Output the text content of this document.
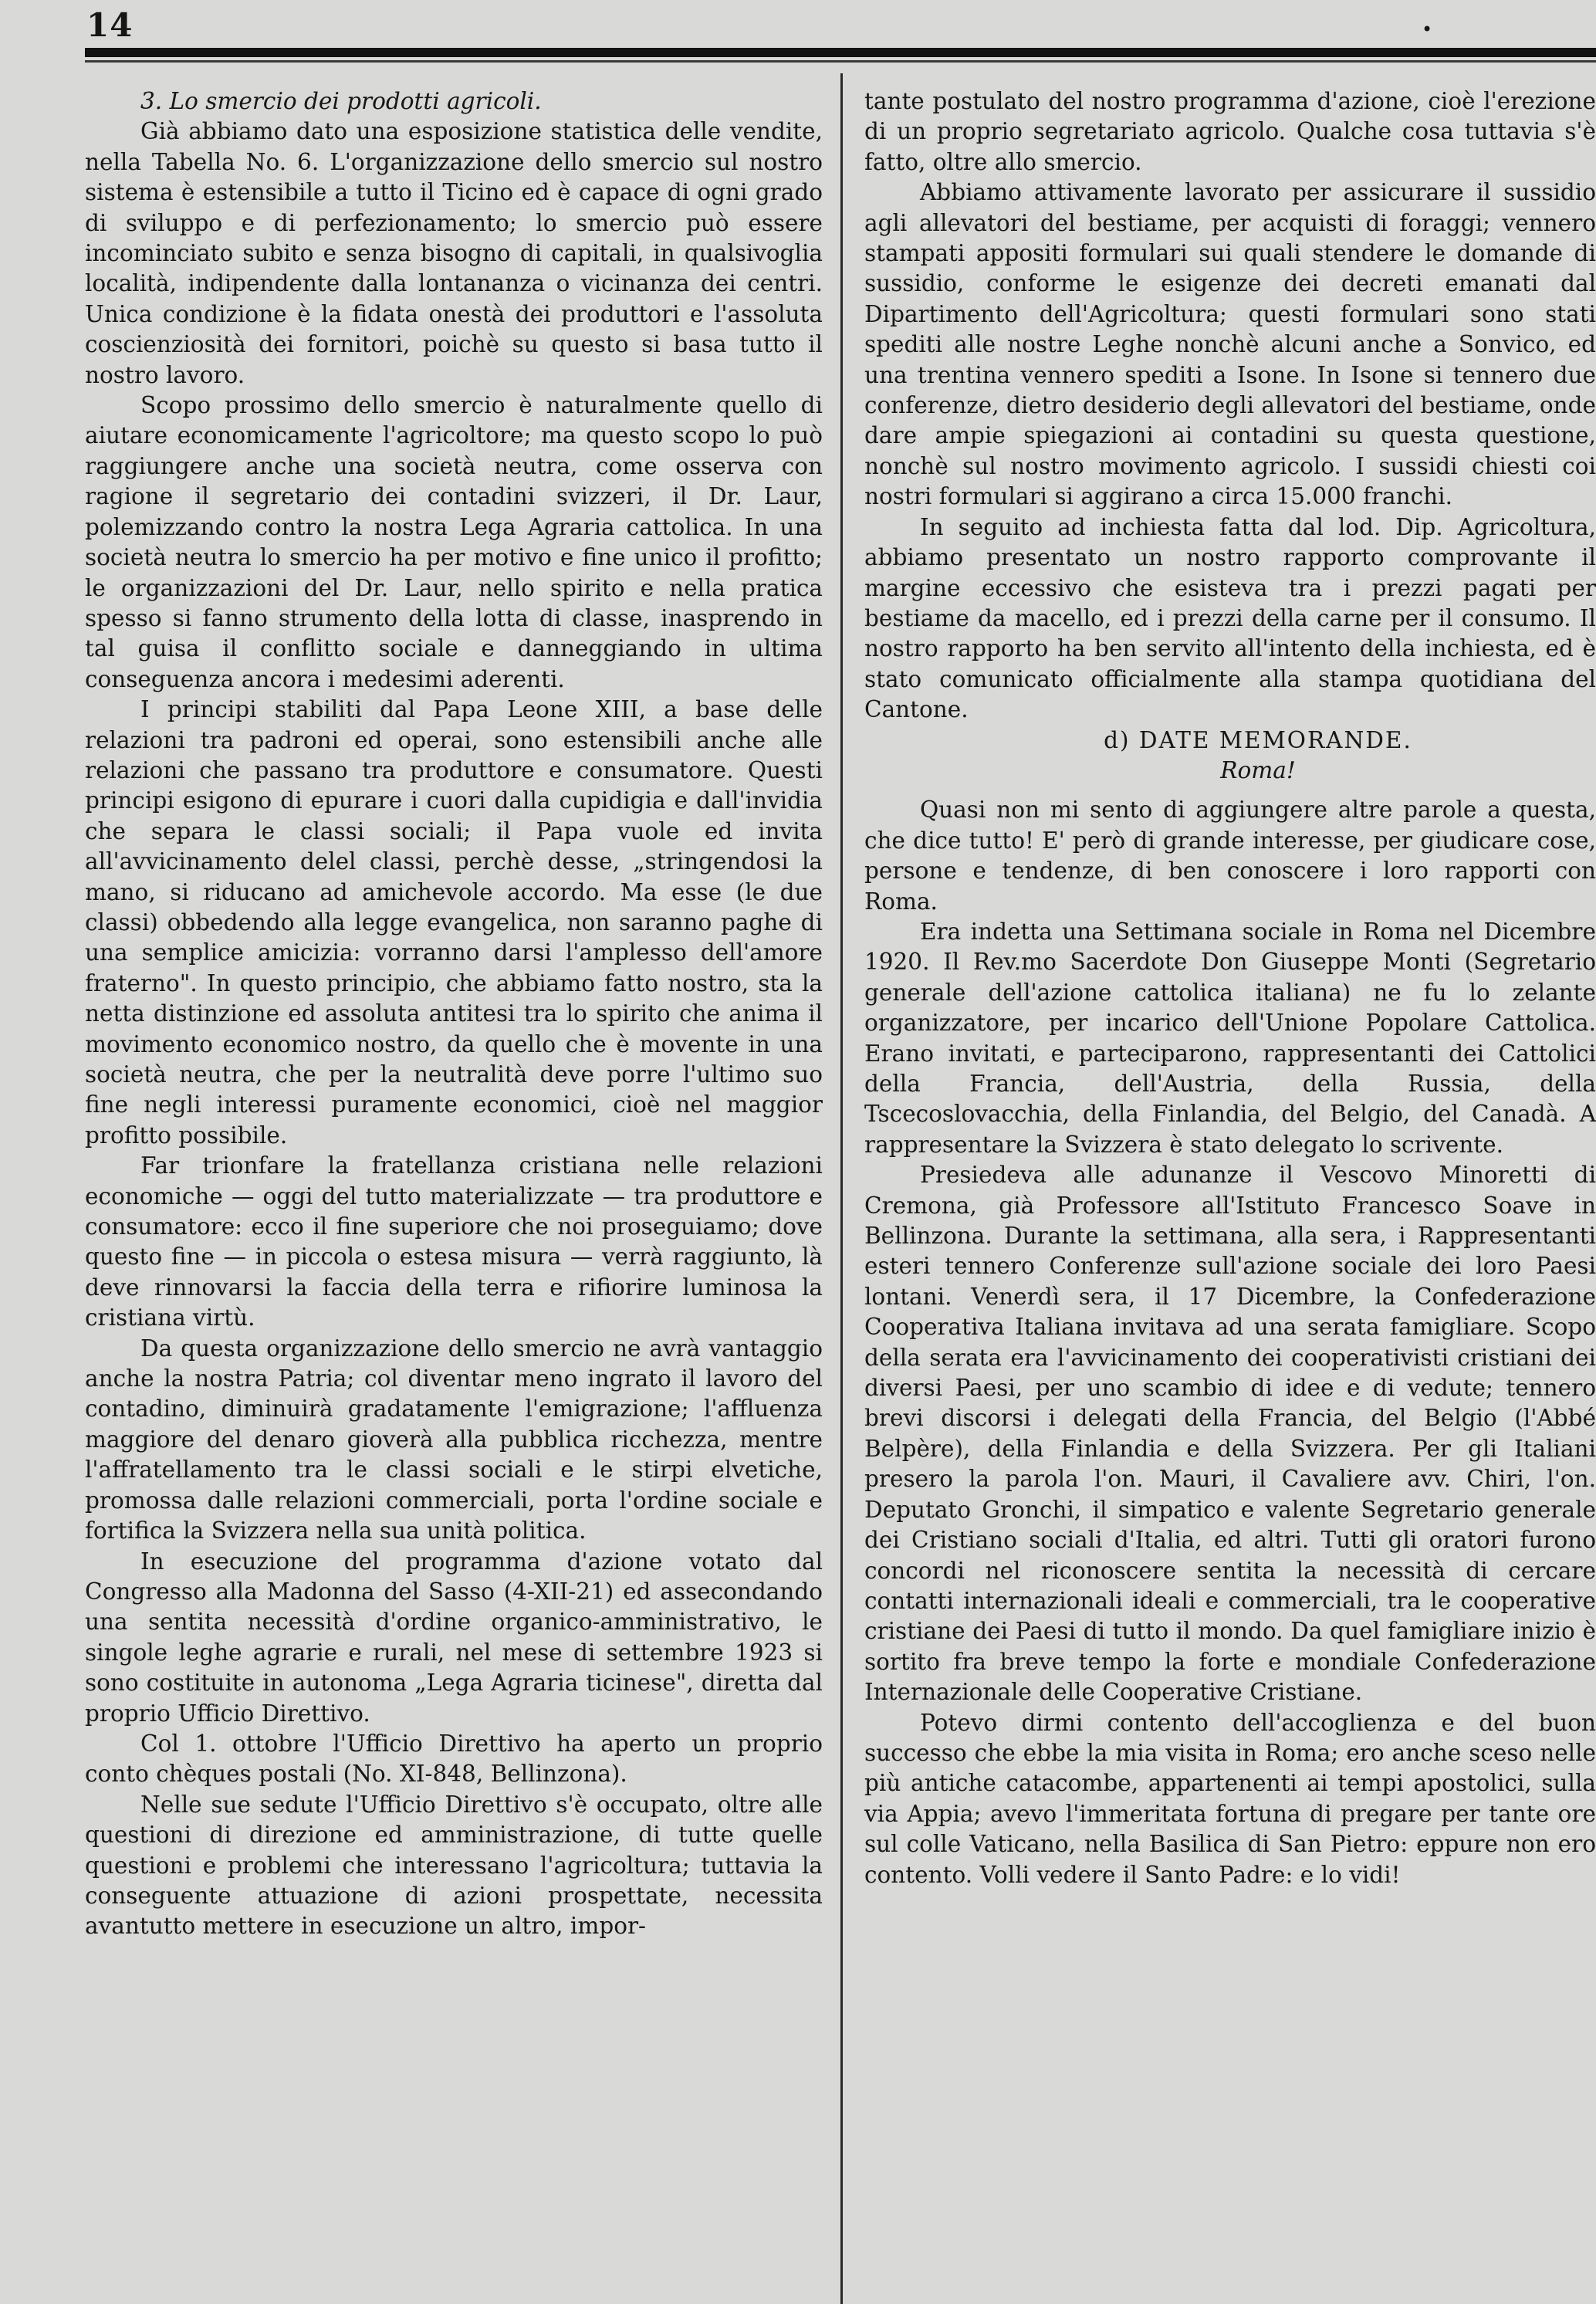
14	•

3. Lo smercio dei prodotti agricoli.

Già abbiamo dato una esposizione statistica delle vendite, nella Tabella No. 6. L'organizzazione dello smercio sul nostro sistema è estensibile a tutto il Ticino ed è capace di ogni grado di sviluppo e di perfezionamento; lo smercio può essere incominciato subito e senza bisogno di capitali, in qualsivoglia località, indipendente dalla lontananza o vicinanza dei centri. Unica condizione è la fidata onestà dei produttori e l'assoluta coscienziosità dei fornitori, poichè su questo si basa tutto il nostro lavoro.

Scopo prossimo dello smercio è naturalmente quello di aiutare economicamente l'agricoltore; ma questo scopo lo può raggiungere anche una società neutra, come osserva con ragione il segretario dei contadini svizzeri, il Dr. Laur, polemizzando contro la nostra Lega Agraria cattolica. In una società neutra lo smercio ha per motivo e fine unico il profitto; le organizzazioni del Dr. Laur, nello spirito e nella pratica spesso si fanno strumento della lotta di classe, inasprendo in tal guisa il conflitto sociale e danneggiando in ultima conseguenza ancora i medesimi aderenti.

I principi stabiliti dal Papa Leone XIII, a base delle relazioni tra padroni ed operai, sono estensibili anche alle relazioni che passano tra produttore e consumatore. Questi principi esigono di epurare i cuori dalla cupidigia e dall'invidia che separa le classi sociali; il Papa vuole ed invita all'avvicinamento delel classi, perchè desse, „stringendosi la mano, si riducano ad amichevole accordo. Ma esse (le due classi) obbedendo alla legge evangelica, non saranno paghe di una semplice amicizia: vorranno darsi l'amplesso dell'amore fraterno". In questo principio, che abbiamo fatto nostro, sta la netta distinzione ed assoluta antitesi tra lo spirito che anima il movimento economico nostro, da quello che è movente in una società neutra, che per la neutralità deve porre l'ultimo suo fine negli interessi puramente economici, cioè nel maggior profitto possibile.

Far trionfare la fratellanza cristiana nelle relazioni economiche — oggi del tutto materializzate — tra produttore e consumatore: ecco il fine superiore che noi proseguiamo; dove questo fine — in piccola o estesa misura — verrà raggiunto, là deve rinnovarsi la faccia della terra e rifiorire luminosa la cristiana virtù.

Da questa organizzazione dello smercio ne avrà vantaggio anche la nostra Patria; col diventar meno ingrato il lavoro del contadino, diminuirà gradatamente l'emigrazione; l'affluenza maggiore del denaro gioverà alla pubblica ricchezza, mentre l'affratellamento tra le classi sociali e le stirpi elvetiche, promossa dalle relazioni commerciali, porta l'ordine sociale e fortifica la Svizzera nella sua unità politica.

In esecuzione del programma d'azione votato dal Congresso alla Madonna del Sasso (4-XII-21) ed assecondando una sentita necessità d'ordine organico-amministrativo, le singole leghe agrarie e rurali, nel mese di settembre 1923 si sono costituite in autonoma „Lega Agraria ticinese", diretta dal proprio Ufficio Direttivo.

Col 1. ottobre l'Ufficio Direttivo ha aperto un proprio conto chèques postali (No. XI-848, Bellinzona).

Nelle sue sedute l'Ufficio Direttivo s'è occupato, oltre alle questioni di direzione ed amministrazione, di tutte quelle questioni e problemi che interessano l'agricoltura; tuttavia la conseguente attuazione di azioni prospettate, necessita avantutto mettere in esecuzione un altro, impor-

tante postulato del nostro programma d'azione, cioè l'erezione di un proprio segretariato agricolo. Qualche cosa tuttavia s'è fatto, oltre allo smercio.

Abbiamo attivamente lavorato per assicurare il sussidio agli allevatori del bestiame, per acquisti di foraggi; vennero stampati appositi formulari sui quali stendere le domande di sussidio, conforme le esigenze dei decreti emanati dal Dipartimento dell'Agricoltura; questi formulari sono stati spediti alle nostre Leghe nonchè alcuni anche a Sonvico, ed una trentina vennero spediti a Isone. In Isone si tennero due conferenze, dietro desiderio degli allevatori del bestiame, onde dare ampie spiegazioni ai contadini su questa questione, nonchè sul nostro movimento agricolo. I sussidi chiesti coi nostri formulari si aggirano a circa 15.000 franchi.

In seguito ad inchiesta fatta dal lod. Dip. Agricoltura, abbiamo presentato un nostro rapporto comprovante il margine eccessivo che esisteva tra i prezzi pagati per bestiame da macello, ed i prezzi della carne per il consumo. Il nostro rapporto ha ben servito all'intento della inchiesta, ed è stato comunicato officialmente alla stampa quotidiana del Cantone.

d) DATE MEMORANDE.

Roma!

Quasi non mi sento di aggiungere altre parole a questa, che dice tutto! E' però di grande interesse, per giudicare cose, persone e tendenze, di ben conoscere i loro rapporti con Roma.

Era indetta una Settimana sociale in Roma nel Dicembre 1920. Il Rev.mo Sacerdote Don Giuseppe Monti (Segretario generale dell'azione cattolica italiana) ne fu lo zelante organizzatore, per incarico dell'Unione Popolare Cattolica. Erano invitati, e parteciparono, rappresentanti dei Cattolici della Francia, dell'Austria, della Russia, della Tscecoslovacchia, della Finlandia, del Belgio, del Canadà. A rappresentare la Svizzera è stato delegato lo scrivente.

Presiedeva alle adunanze il Vescovo Minoretti di Cremona, già Professore all'Istituto Francesco Soave in Bellinzona. Durante la settimana, alla sera, i Rappresentanti esteri tennero Conferenze sull'azione sociale dei loro Paesi lontani. Venerdì sera, il 17 Dicembre, la Confederazione Cooperativa Italiana invitava ad una serata famigliare. Scopo della serata era l'avvicinamento dei cooperativisti cristiani dei diversi Paesi, per uno scambio di idee e di vedute; tennero brevi discorsi i delegati della Francia, del Belgio (l'Abbé Belpère), della Finlandia e della Svizzera. Per gli Italiani presero la parola l'on. Mauri, il Cavaliere avv. Chiri, l'on. Deputato Gronchi, il simpatico e valente Segretario generale dei Cristiano sociali d'Italia, ed altri. Tutti gli oratori furono concordi nel riconoscere sentita la necessità di cercare contatti internazionali ideali e commerciali, tra le cooperative cristiane dei Paesi di tutto il mondo. Da quel famigliare inizio è sortito fra breve tempo la forte e mondiale Confederazione Internazionale delle Cooperative Cristiane.

Potevo dirmi contento dell'accoglienza e del buon successo che ebbe la mia visita in Roma; ero anche sceso nelle più antiche catacombe, appartenenti ai tempi apostolici, sulla via Appia; avevo l'immeritata fortuna di pregare per tante ore sul colle Vaticano, nella Basilica di San Pietro: eppure non ero contento. Volli vedere il Santo Padre: e lo vidi!
